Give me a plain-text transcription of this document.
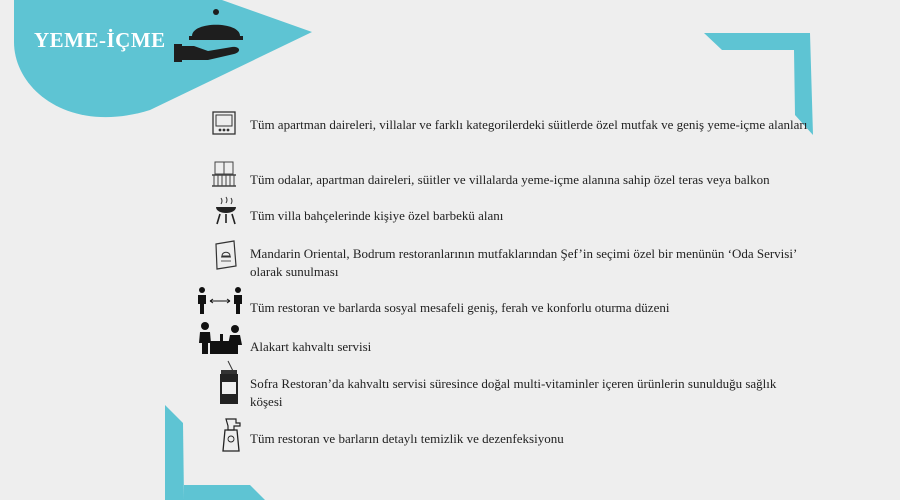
YEME-İÇME
Tüm apartman daireleri, villalar ve farklı kategorilerdeki süitlerde özel mutfak ve geniş yeme-içme alanları
Tüm odalar, apartman daireleri, süitler ve villalarda yeme-içme alanına sahip özel teras veya balkon
Tüm villa bahçelerinde kişiye özel barbekü alanı
Mandarin Oriental, Bodrum restoranlarının mutfaklarından Şef’in seçimi özel bir menünün ‘Oda Servisi’ olarak sunulması
Tüm restoran ve barlarda sosyal mesafeli geniş, ferah ve konforlu oturma düzeni
Alakart kahvaltı servisi
Sofra Restoran’da kahvaltı servisi süresince doğal multi-vitaminler içeren ürünlerin sunulduğu sağlık köşesi
Tüm restoran ve barların detaylı temizlik ve dezenfeksiyonu
